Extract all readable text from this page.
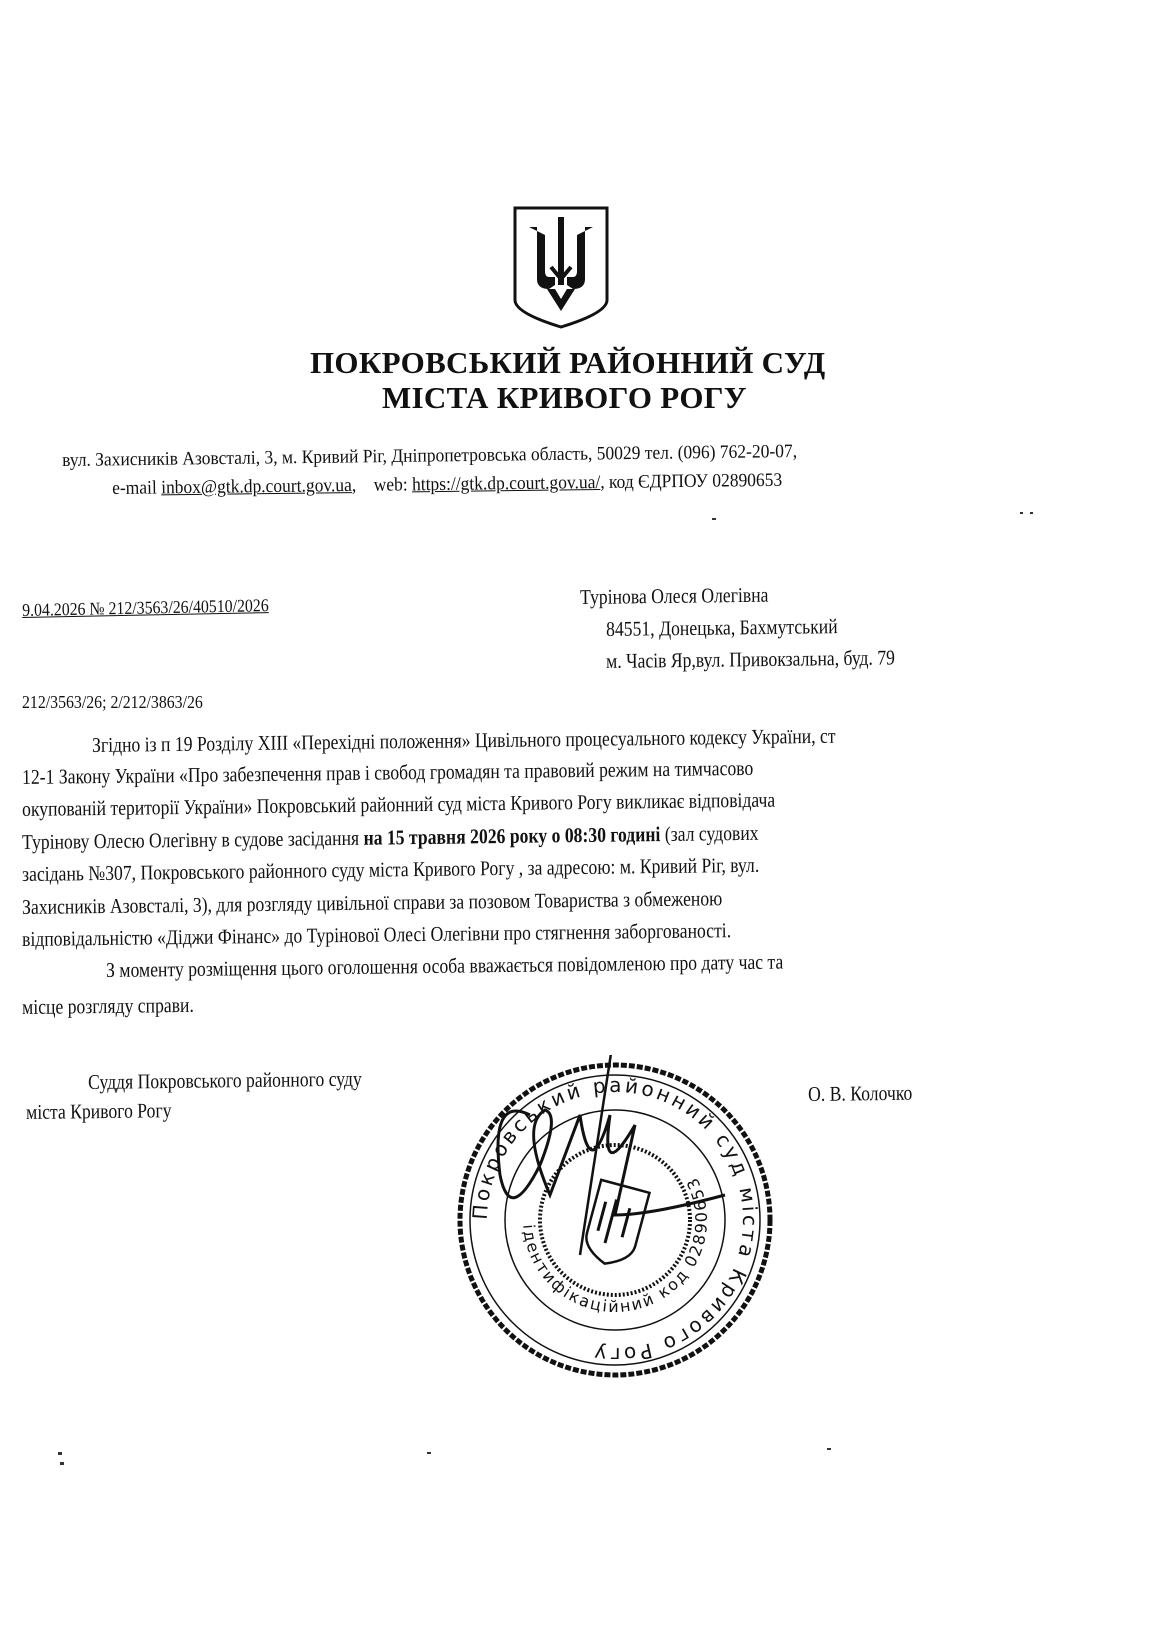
ПОКРОВСЬКИЙ РАЙОННИЙ СУД
МІСТА КРИВОГО РОГУ
вул. Захисників Азовсталі, 3, м. Кривий Ріг, Дніпропетровська область, 50029 тел. (096) 762-20-07,
e-mail inbox@gtk.dp.court.gov.ua,    web: https://gtk.dp.court.gov.ua/, код ЄДРПОУ 02890653
9.04.2026 № 212/3563/26/40510/2026	Турінова Олеся Олегівна
84551, Донецька, Бахмутський
м. Часів Яр,вул. Привокзальна, буд. 79
212/3563/26; 2/212/3863/26
Згідно із п 19 Розділу XIII «Перехідні положення» Цивільного процесуального кодексу України, ст
12-1 Закону України «Про забезпечення прав і свобод громадян та правовий режим на тимчасово
окупованій території України» Покровський районний суд міста Кривого Рогу викликає відповідача
Турінову Олесю Олегівну в судове засідання на 15 травня 2026 року о 08:30 годині (зал судових
засідань №307, Покровського районного суду міста Кривого Рогу , за адресою: м. Кривий Ріг, вул.
Захисників Азовсталі, 3), для розгляду цивільної справи за позовом Товариства з обмеженою
відповідальністю «Діджи Фінанс» до Турінової Олесі Олегівни про стягнення заборгованості.
З моменту розміщення цього оголошення особа вважається повідомленою про дату час та
місце розгляду справи.
Суддя Покровського районного суду
міста Кривого Рогу
О. В. Колочко
Покровський районний суд міста Кривого Рогу
ідентифікаційний код 02890653
